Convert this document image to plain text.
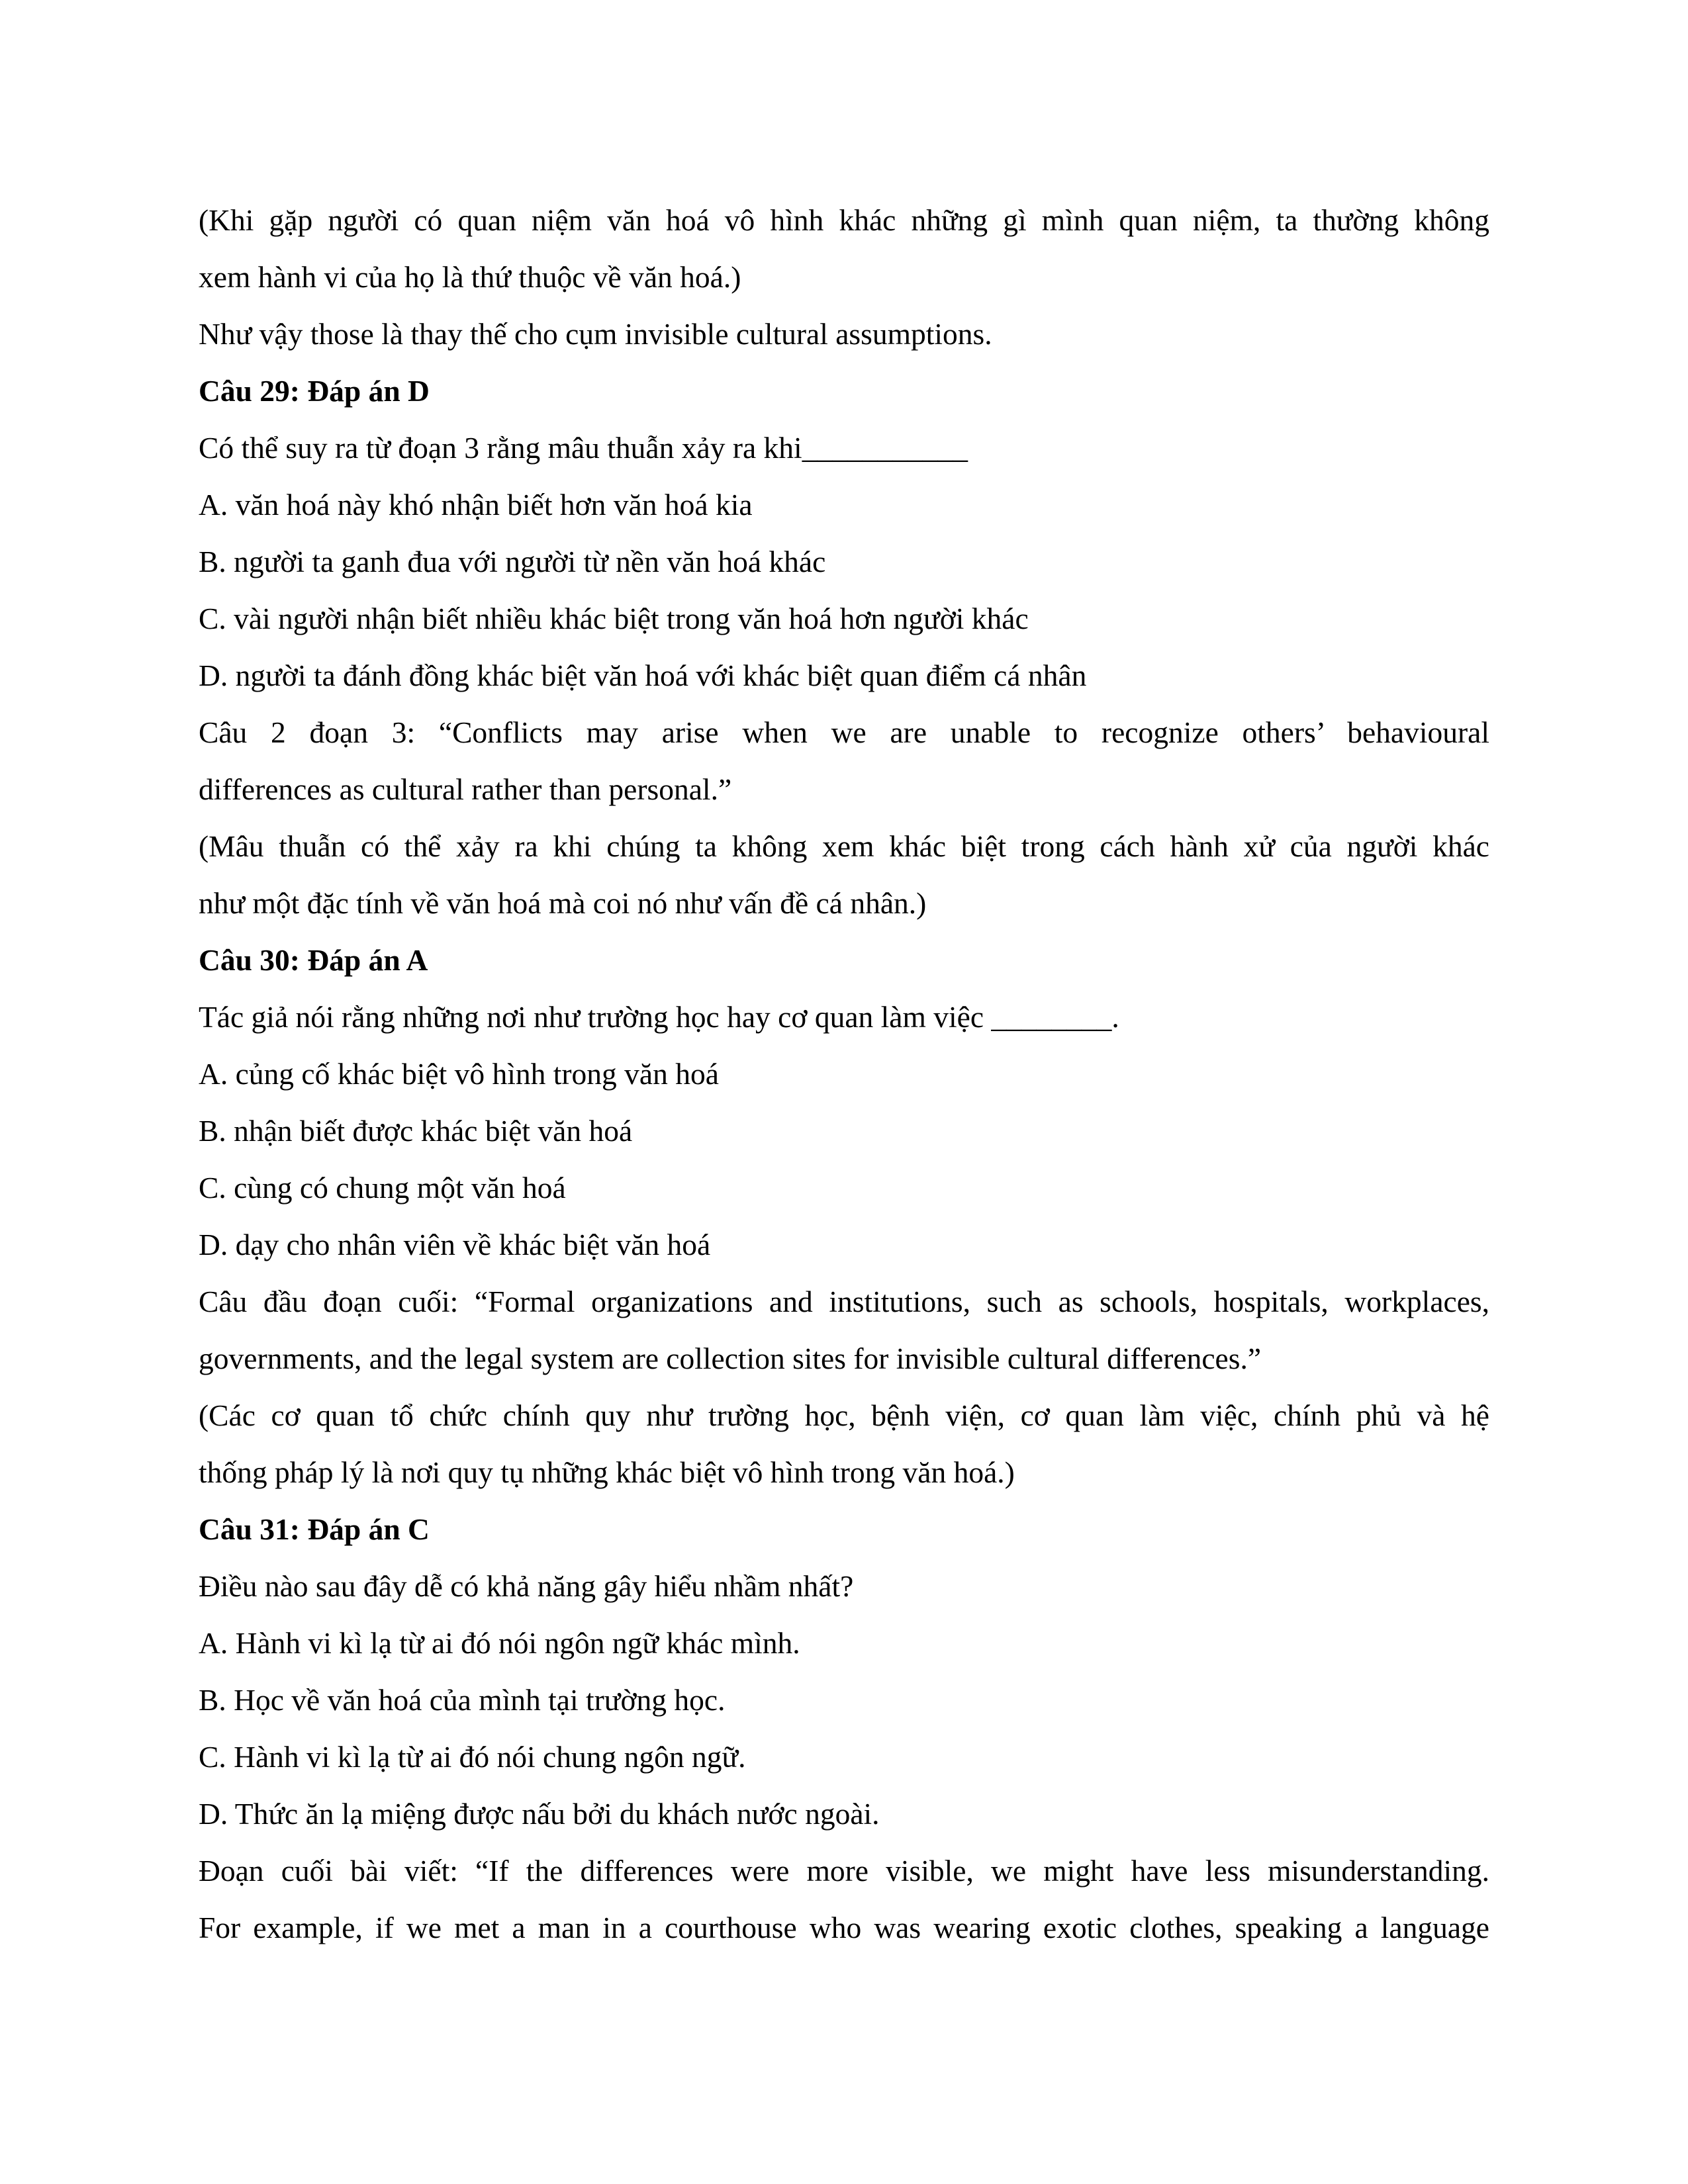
(Khi gặp người có quan niệm văn hoá vô hình khác những gì mình quan niệm, ta thường không
xem hành vi của họ là thứ thuộc về văn hoá.)
Như vậy those là thay thế cho cụm invisible cultural assumptions.
Câu 29: Đáp án D
Có thể suy ra từ đoạn 3 rằng mâu thuẫn xảy ra khi___________
A. văn hoá này khó nhận biết hơn văn hoá kia
B. người ta ganh đua với người từ nền văn hoá khác
C. vài người nhận biết nhiều khác biệt trong văn hoá hơn người khác
D. người ta đánh đồng khác biệt văn hoá với khác biệt quan điểm cá nhân
Câu 2 đoạn 3: “Conflicts may arise when we are unable to recognize others’ behavioural
differences as cultural rather than personal.”
(Mâu thuẫn có thể xảy ra khi chúng ta không xem khác biệt trong cách hành xử của người khác
như một đặc tính về văn hoá mà coi nó như vấn đề cá nhân.)
Câu 30: Đáp án A
Tác giả nói rằng những nơi như trường học hay cơ quan làm việc ________.
A. củng cố khác biệt vô hình trong văn hoá
B. nhận biết được khác biệt văn hoá
C. cùng có chung một văn hoá
D. dạy cho nhân viên về khác biệt văn hoá
Câu đầu đoạn cuối: “Formal organizations and institutions, such as schools, hospitals, workplaces,
governments, and the legal system are collection sites for invisible cultural differences.”
(Các cơ quan tổ chức chính quy như trường học, bệnh viện, cơ quan làm việc, chính phủ và hệ
thống pháp lý là nơi quy tụ những khác biệt vô hình trong văn hoá.)
Câu 31: Đáp án C
Điều nào sau đây dễ có khả năng gây hiểu nhầm nhất?
A. Hành vi kì lạ từ ai đó nói ngôn ngữ khác mình.
B. Học về văn hoá của mình tại trường học.
C. Hành vi kì lạ từ ai đó nói chung ngôn ngữ.
D. Thức ăn lạ miệng được nấu bởi du khách nước ngoài.
Đoạn cuối bài viết: “If the differences were more visible, we might have less misunderstanding.
For example, if we met a man in a courthouse who was wearing exotic clothes, speaking a language
